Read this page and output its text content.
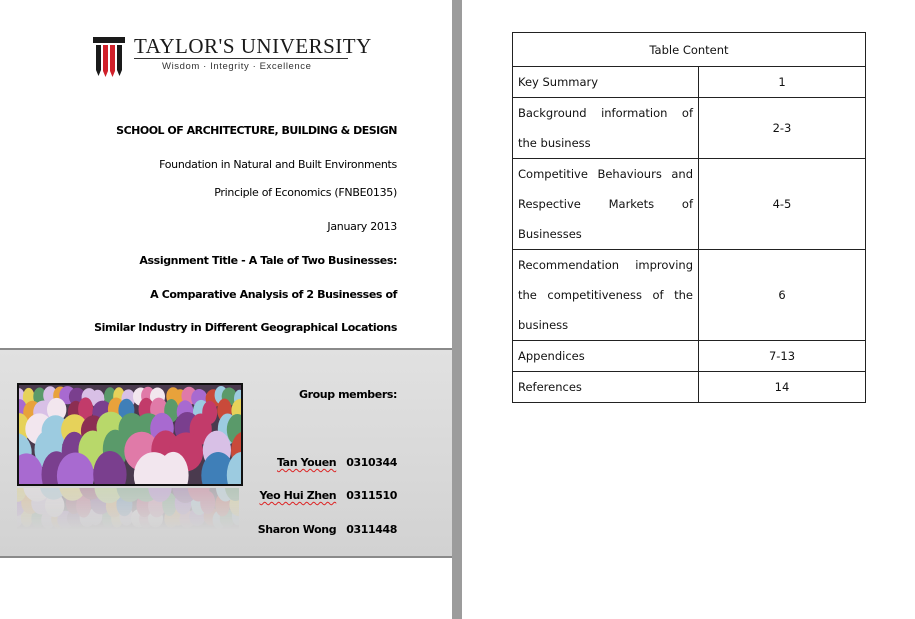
TAYLOR'S UNIVERSITY
Wisdom · Integrity · Excellence
SCHOOL OF ARCHITECTURE, BUILDING & DESIGN
Foundation in Natural and Built Environments
Principle of Economics (FNBE0135)
January 2013
Assignment Title - A Tale of Two Businesses:
A Comparative Analysis of 2 Businesses of
Similar Industry in Different Geographical Locations
Group members:
Tan Youen 0310344
Yeo Hui Zhen 0311510
Sharon Wong 0311448
Table Content	
Key Summary	1
Background information of the business	2-3
Competitive Behaviours and Respective Markets of Businesses	4-5
Recommendation improving the competitiveness of the business	6
Appendices	7-13
References	14
